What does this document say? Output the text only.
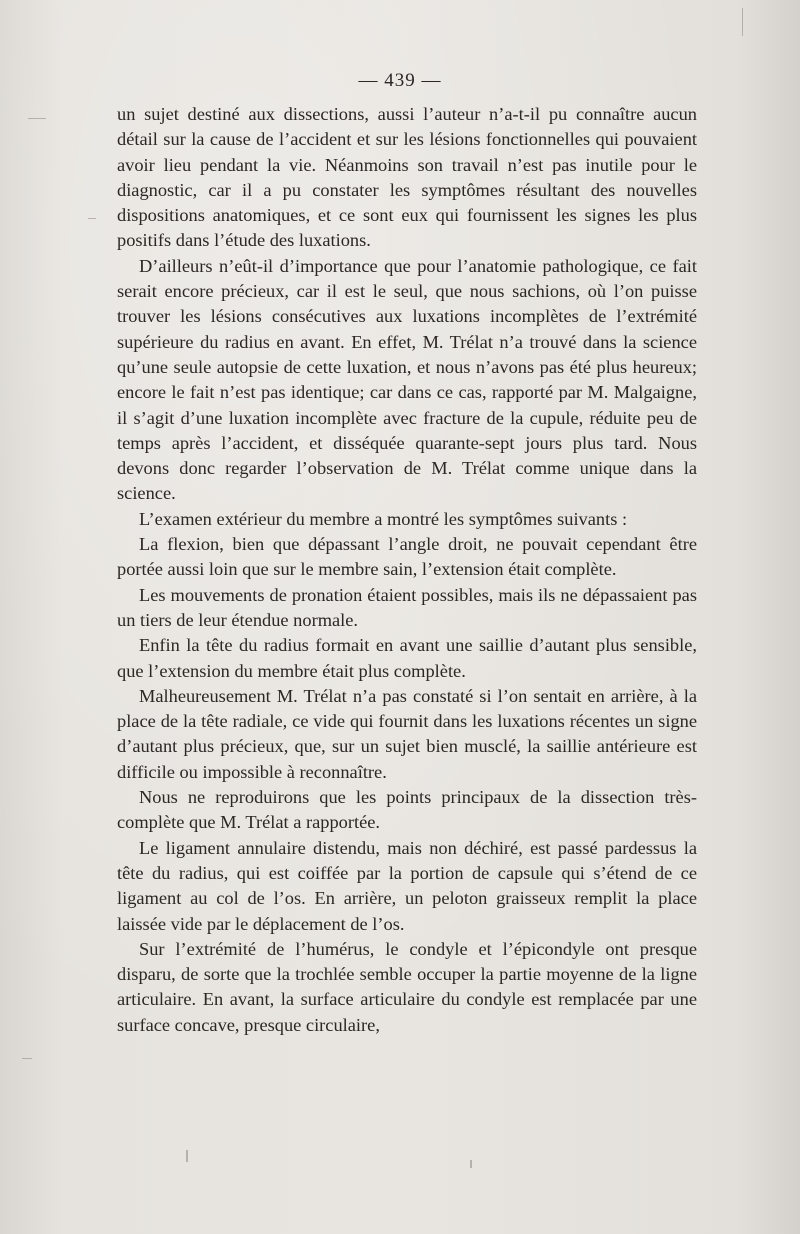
— 439 —

un sujet destiné aux dissections, aussi l’auteur n’a-t-il pu connaître aucun détail sur la cause de l’accident et sur les lésions fonctionnelles qui pouvaient avoir lieu pendant la vie. Néanmoins son travail n’est pas inutile pour le diagnostic, car il a pu constater les symptômes résultant des nouvelles dispositions anatomiques, et ce sont eux qui fournissent les signes les plus positifs dans l’étude des luxations.

D’ailleurs n’eût-il d’importance que pour l’anatomie pathologique, ce fait serait encore précieux, car il est le seul, que nous sachions, où l’on puisse trouver les lésions consécutives aux luxations incomplètes de l’extrémité supérieure du radius en avant. En effet, M. Trélat n’a trouvé dans la science qu’une seule autopsie de cette luxation, et nous n’avons pas été plus heureux; encore le fait n’est pas identique; car dans ce cas, rapporté par M. Malgaigne, il s’agit d’une luxation incomplète avec fracture de la cupule, réduite peu de temps après l’accident, et disséquée quarante-sept jours plus tard. Nous devons donc regarder l’observation de M. Trélat comme unique dans la science.

L’examen extérieur du membre a montré les symptômes suivants :

La flexion, bien que dépassant l’angle droit, ne pouvait cependant être portée aussi loin que sur le membre sain, l’extension était complète.

Les mouvements de pronation étaient possibles, mais ils ne dépassaient pas un tiers de leur étendue normale.

Enfin la tête du radius formait en avant une saillie d’autant plus sensible, que l’extension du membre était plus complète.

Malheureusement M. Trélat n’a pas constaté si l’on sentait en arrière, à la place de la tête radiale, ce vide qui fournit dans les luxations récentes un signe d’autant plus précieux, que, sur un sujet bien musclé, la saillie antérieure est difficile ou impossible à reconnaître.

Nous ne reproduirons que les points principaux de la dissection très-complète que M. Trélat a rapportée.

Le ligament annulaire distendu, mais non déchiré, est passé pardessus la tête du radius, qui est coiffée par la portion de capsule qui s’étend de ce ligament au col de l’os. En arrière, un peloton graisseux remplit la place laissée vide par le déplacement de l’os.

Sur l’extrémité de l’humérus, le condyle et l’épicondyle ont presque disparu, de sorte que la trochlée semble occuper la partie moyenne de la ligne articulaire. En avant, la surface articulaire du condyle est remplacée par une surface concave, presque circulaire,
